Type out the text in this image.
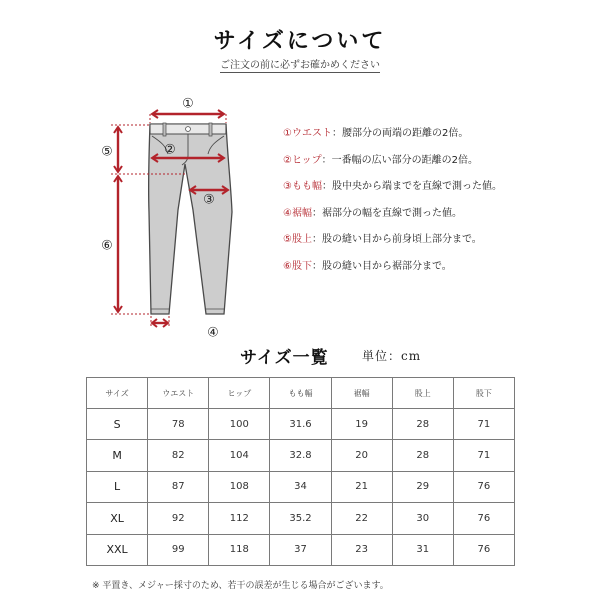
サイズについて
ご注文の前に必ずお確かめください
①
②
③
④
⑤
⑥
①ウエスト：腰部分の両端の距離の2倍。
②ヒップ：一番幅の広い部分の距離の2倍。
③もも幅：股中央から端までを直線で測った値。
④裾幅：裾部分の幅を直線で測った値。
⑤股上：股の縫い目から前身頃上部分まで。
⑥股下：股の縫い目から裾部分まで。
サイズ一覧	単位：cm
サイズ	ウエスト	ヒップ	もも幅	裾幅	股上	股下
S	78	100	31.6	19	28	71
M	82	104	32.8	20	28	71
L	87	108	34	21	29	76
XL	92	112	35.2	22	30	76
XXL	99	118	37	23	31	76
※ 平置き、メジャー採寸のため、若干の誤差が生じる場合がございます。
